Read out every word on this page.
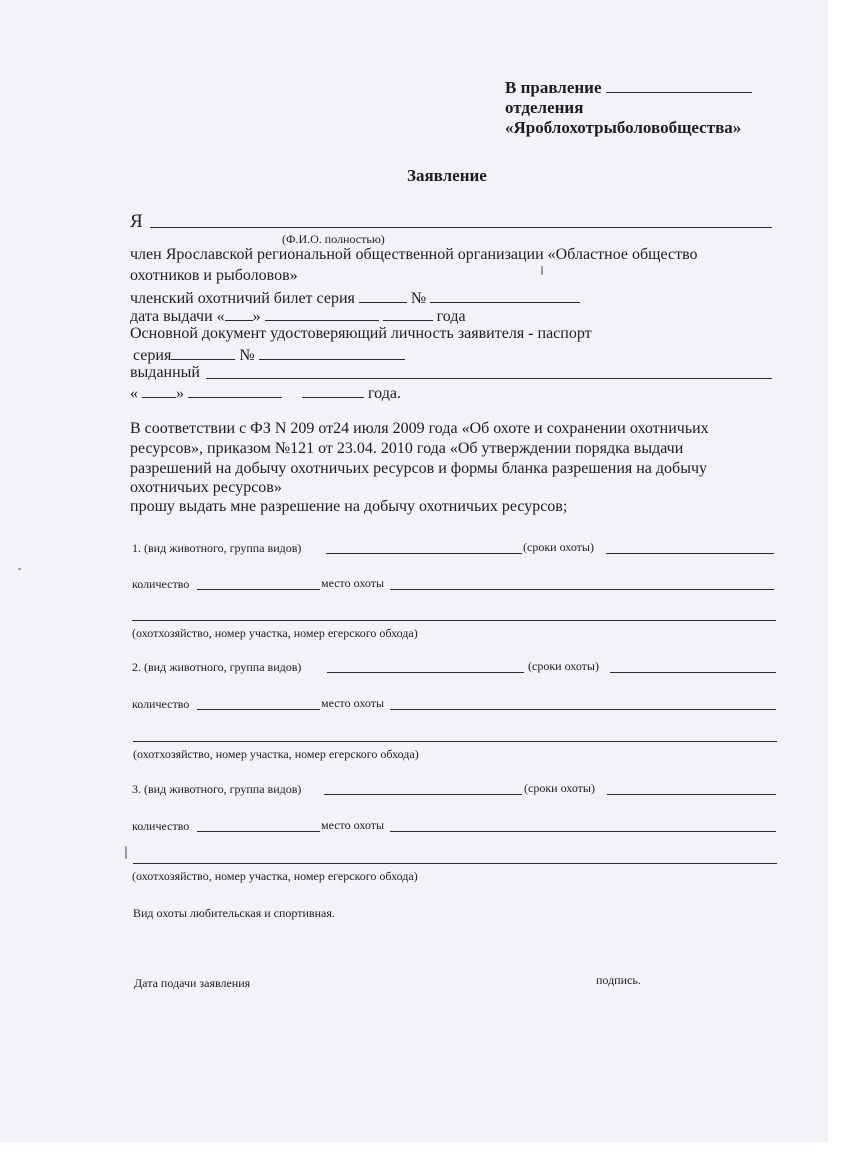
В правление
отделения
«Яроблохотрыболовобщества»
Заявление
Я
(Ф.И.О. полностью)
член Ярославской региональной общественной организации «Областное общество
охотников и рыболовов»
членский охотничий билет серия	№
дата выдачи « »	года
Основной документ удостоверяющий личность заявителя - паспорт
серия	№
выданный
« »	года.
В соответствии с ФЗ N 209 от24 июля 2009 года «Об охоте и сохранении охотничьих
ресурсов», приказом №121 от 23.04. 2010 года «Об утверждении порядка выдачи
разрешений на добычу охотничьих ресурсов и формы бланка разрешения на добычу
охотничьих ресурсов»
прошу выдать мне разрешение на добычу охотничьих ресурсов;
1. (вид животного, группа видов)	(сроки охоты)
количество	место охоты
(охотхозяйство, номер участка, номер егерского обхода)
2. (вид животного, группа видов)	(сроки охоты)
количество	место охоты
(охотхозяйство, номер участка, номер егерского обхода)
3. (вид животного, группа видов)	(сроки охоты)
количество	место охоты
(охотхозяйство, номер участка, номер егерского обхода)
Вид охоты любительская и спортивная.
Дата подачи заявления	подпись.
